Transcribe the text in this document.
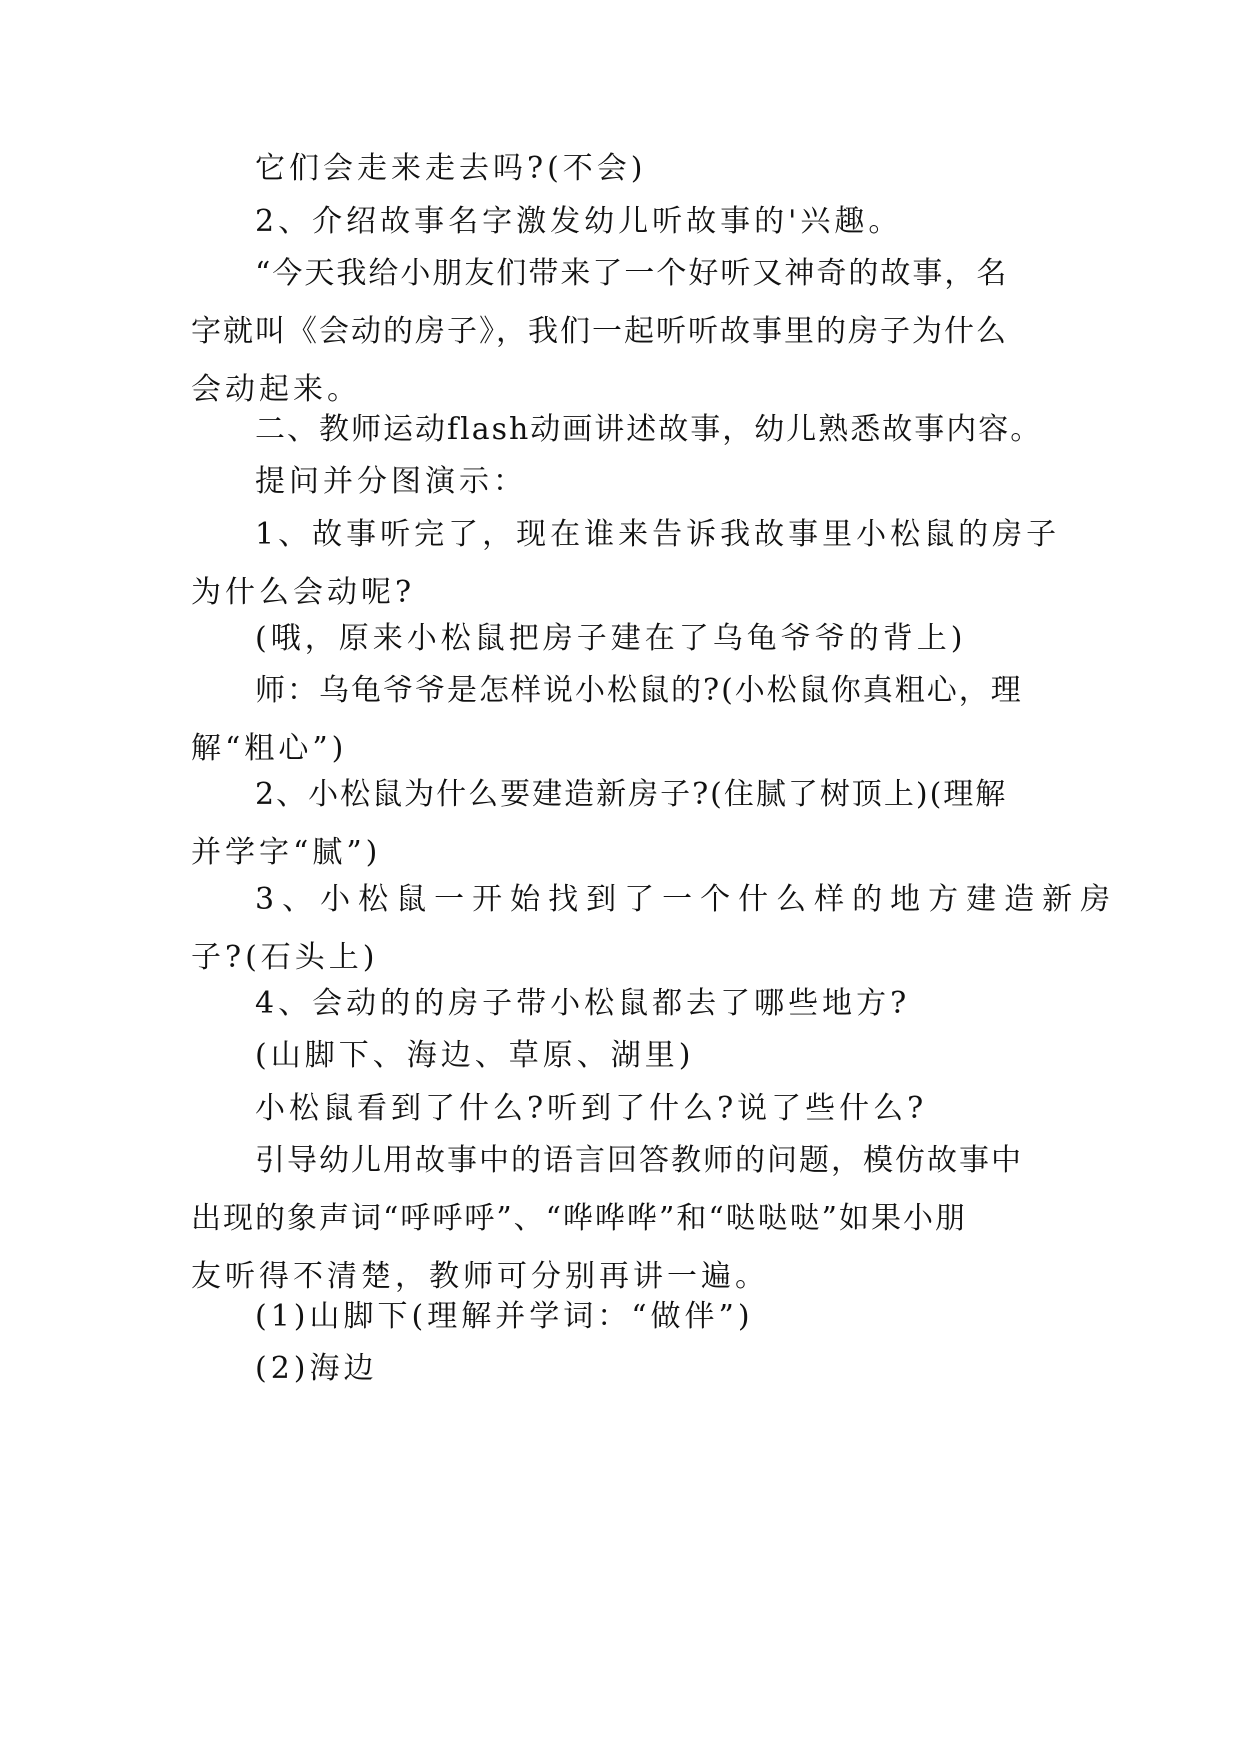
它们会走来走去吗?(不会)

2、介绍故事名字激发幼儿听故事的'兴趣。

“今天我给小朋友们带来了一个好听又神奇的故事，名
字就叫《会动的房子》，我们一起听听故事里的房子为什么
会动起来。

二、教师运动flash动画讲述故事，幼儿熟悉故事内容。

提问并分图演示：

1、故事听完了，现在谁来告诉我故事里小松鼠的房子
为什么会动呢?

(哦，原来小松鼠把房子建在了乌龟爷爷的背上)

师：乌龟爷爷是怎样说小松鼠的?(小松鼠你真粗心，理
解“粗心”)

2、小松鼠为什么要建造新房子?(住腻了树顶上)(理解
并学字“腻”)

3、小松鼠一开始找到了一个什么样的地方建造新房
子?(石头上)

4、会动的的房子带小松鼠都去了哪些地方?

(山脚下、海边、草原、湖里)

小松鼠看到了什么?听到了什么?说了些什么?

引导幼儿用故事中的语言回答教师的问题，模仿故事中
出现的象声词“呼呼呼”、“哗哗哗”和“哒哒哒”如果小朋
友听得不清楚，教师可分别再讲一遍。

(1)山脚下(理解并学词：“做伴”)

(2)海边
